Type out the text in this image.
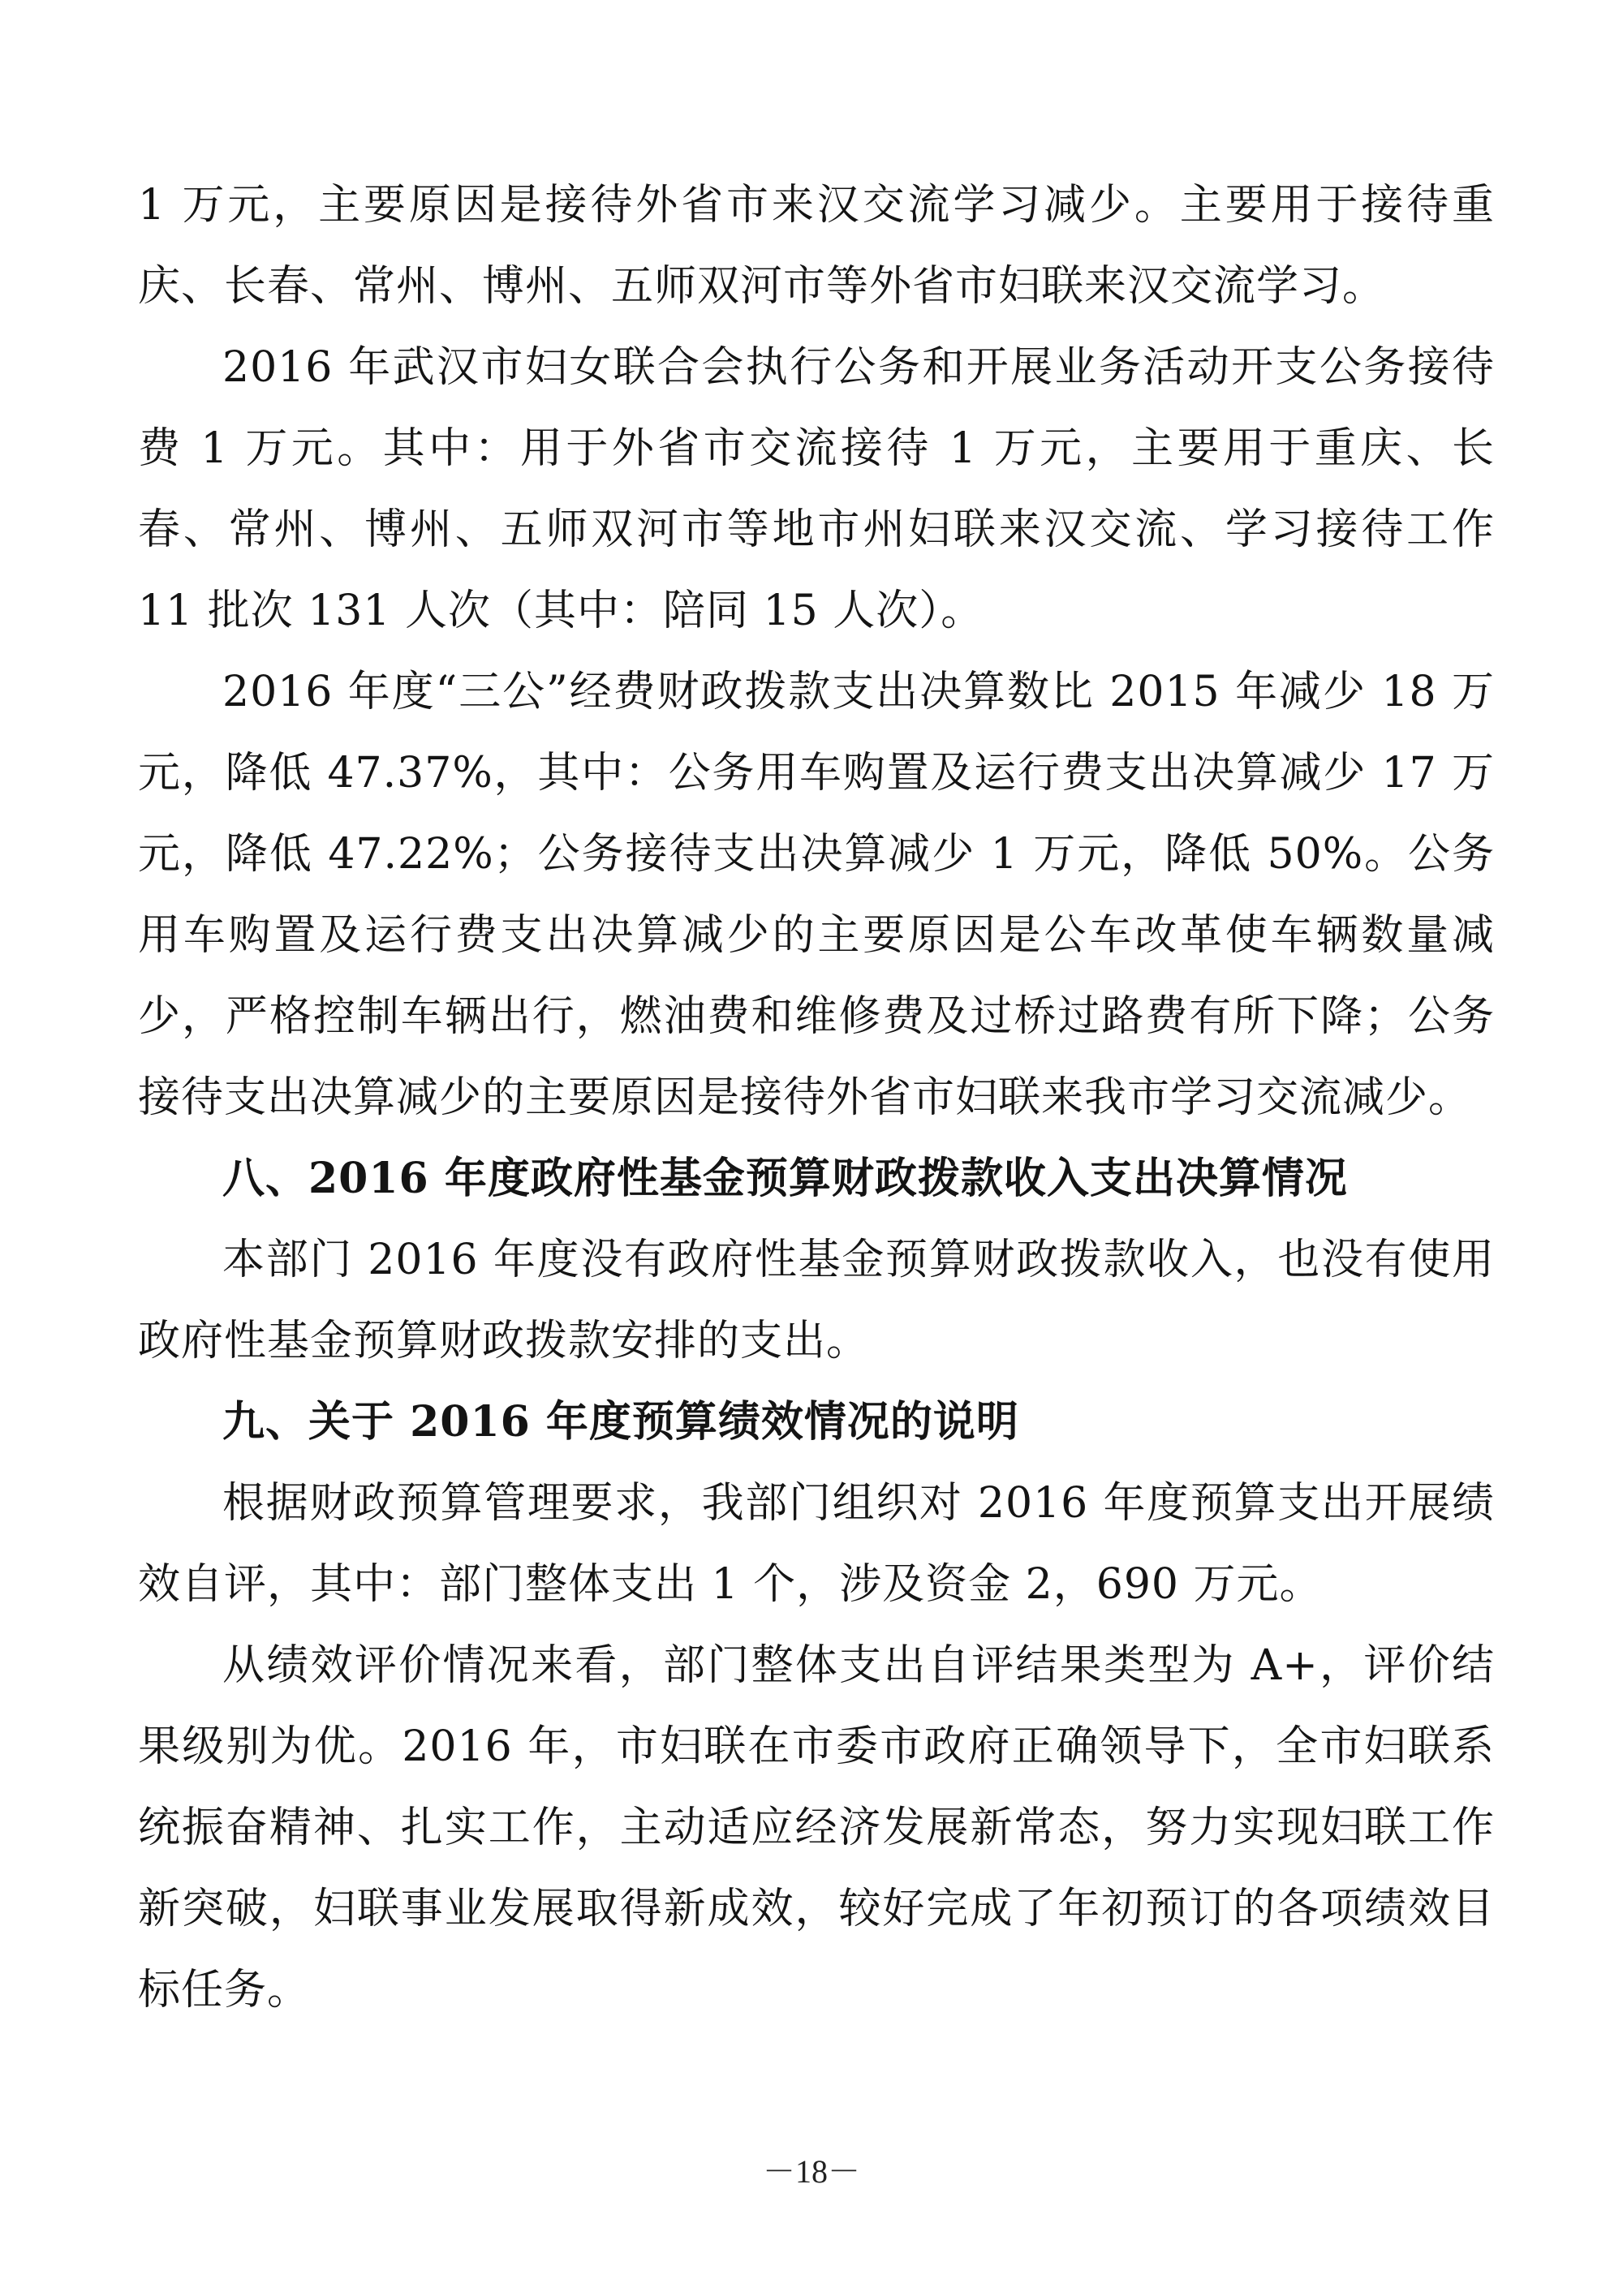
1 万元，主要原因是接待外省市来汉交流学习减少。主要用于接待重庆、长春、常州、博州、五师双河市等外省市妇联来汉交流学习。

2016 年武汉市妇女联合会执行公务和开展业务活动开支公务接待费 1 万元。其中：用于外省市交流接待 1 万元，主要用于重庆、长春、常州、博州、五师双河市等地市州妇联来汉交流、学习接待工作 11 批次 131 人次（其中：陪同 15 人次）。

2016 年度“三公”经费财政拨款支出决算数比 2015 年减少 18 万元，降低 47.37%，其中：公务用车购置及运行费支出决算减少 17 万元，降低 47.22%；公务接待支出决算减少 1 万元，降低 50%。公务用车购置及运行费支出决算减少的主要原因是公车改革使车辆数量减少，严格控制车辆出行，燃油费和维修费及过桥过路费有所下降；公务接待支出决算减少的主要原因是接待外省市妇联来我市学习交流减少。

八、2016 年度政府性基金预算财政拨款收入支出决算情况

本部门 2016 年度没有政府性基金预算财政拨款收入，也没有使用政府性基金预算财政拨款安排的支出。

九、关于 2016 年度预算绩效情况的说明

根据财政预算管理要求，我部门组织对 2016 年度预算支出开展绩效自评，其中：部门整体支出 1 个，涉及资金 2，690 万元。

从绩效评价情况来看，部门整体支出自评结果类型为 A+，评价结果级别为优。2016 年，市妇联在市委市政府正确领导下，全市妇联系统振奋精神、扎实工作，主动适应经济发展新常态，努力实现妇联工作新突破，妇联事业发展取得新成效，较好完成了年初预订的各项绩效目标任务。

－18－
